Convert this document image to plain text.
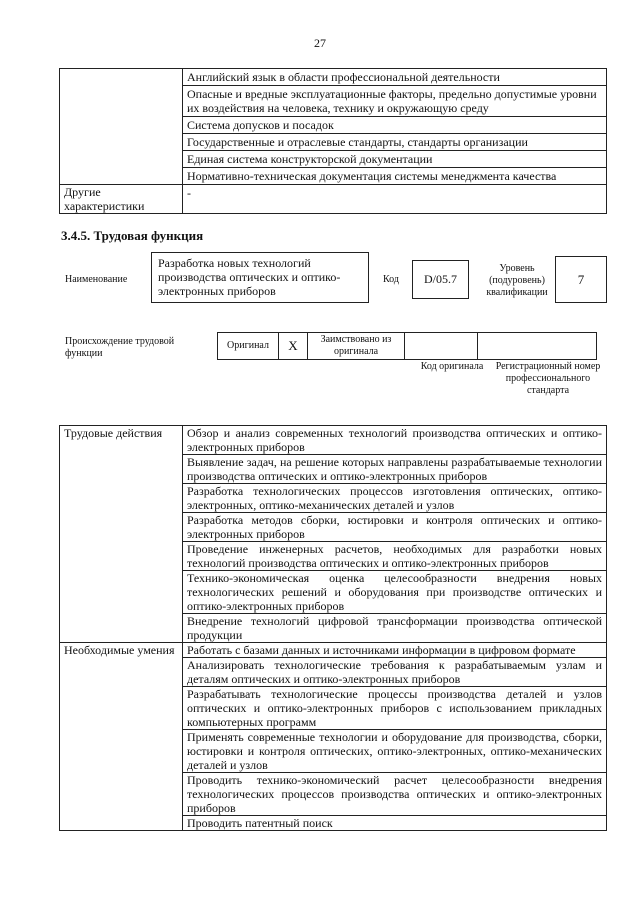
27
	Английский язык в области профессиональной деятельности
	Опасные и вредные эксплуатационные факторы, предельно допустимые уровни их воздействия на человека, технику и окружающую среду
	Система допусков и посадок
	Государственные и отраслевые стандарты, стандарты организации
	Единая система конструкторской документации
	Нормативно-техническая документация системы менеджмента качества
Другие характеристики	-
3.4.5. Трудовая функция
Наименование
Разработка новых технологий производства оптических и оптико-электронных приборов
Код	D/05.7
Уровень (подуровень) квалификации
7
Происхождение трудовой функции
Оригинал	X	Заимствовано из оригинала		
Код оригинала Регистрационный номер профессионального стандарта
Трудовые действия	Обзор и анализ современных технологий производства оптических и оптико-электронных приборов
	Выявление задач, на решение которых направлены разрабатываемые технологии производства оптических и оптико-электронных приборов
	Разработка технологических процессов изготовления оптических, оптико-электронных, оптико-механических деталей и узлов
	Разработка методов сборки, юстировки и контроля оптических и оптико-электронных приборов
	Проведение инженерных расчетов, необходимых для разработки новых технологий производства оптических и оптико-электронных приборов
	Технико-экономическая оценка целесообразности внедрения новых технологических решений и оборудования при производстве оптических и оптико-электронных приборов
	Внедрение технологий цифровой трансформации производства оптической продукции
Необходимые умения	Работать с базами данных и источниками информации в цифровом формате
	Анализировать технологические требования к разрабатываемым узлам и деталям оптических и оптико-электронных приборов
	Разрабатывать технологические процессы производства деталей и узлов оптических и оптико-электронных приборов с использованием прикладных компьютерных программ
	Применять современные технологии и оборудование для производства, сборки, юстировки и контроля оптических, оптико-электронных, оптико-механических деталей и узлов
	Проводить технико-экономический расчет целесообразности внедрения технологических процессов производства оптических и оптико-электронных приборов
	Проводить патентный поиск
